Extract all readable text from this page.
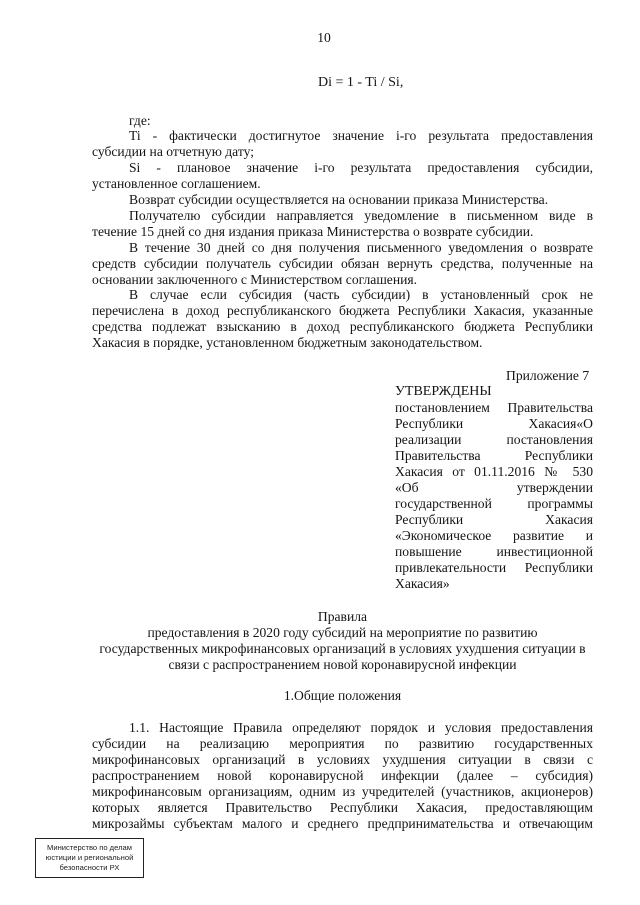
10

Di = 1 - Ti / Si,

где:

Ti - фактически достигнутое значение i-го результата предоставления

субсидии на отчетную дату;

Si - плановое значение i-го результата предоставления субсидии,

установленное соглашением.

Возврат субсидии осуществляется на основании приказа Министерства.

Получателю субсидии направляется уведомление в письменном виде в

течение 15 дней со дня издания приказа Министерства о возврате субсидии.

В течение 30 дней со дня получения письменного уведомления о возврате

средств субсидии получатель субсидии обязан вернуть средства, полученные на

основании заключенного с Министерством соглашения.

В случае если субсидия (часть субсидии) в установленный срок не

перечислена в доход республиканского бюджета Республики Хакасия, указанные

средства подлежат взысканию в доход республиканского бюджета Республики

Хакасия в порядке, установленном бюджетным законодательством.

Приложение 7

УТВЕРЖДЕНЫ

постановлением Правительства

Республики Хакасия«О

реализации постановления

Правительства Республики

Хакасия от 01.11.2016 № 530

«Об утверждении

государственной программы

Республики Хакасия

«Экономическое развитие и

повышение инвестиционной

привлекательности Республики

Хакасия»

Правила

предоставления в 2020 году субсидий на мероприятие по развитию

государственных микрофинансовых организаций в условиях ухудшения ситуации в

связи с распространением новой коронавирусной инфекции

1.Общие положения

1.1. Настоящие Правила определяют порядок и условия предоставления

субсидии на реализацию мероприятия по развитию государственных

микрофинансовых организаций в условиях ухудшения ситуации в связи с

распространением новой коронавирусной инфекции (далее – субсидия)

микрофинансовым организациям, одним из учредителей (участников, акционеров)

которых является Правительство Республики Хакасия, предоставляющим

микрозаймы субъектам малого и среднего предпринимательства и отвечающим

Министерство по делам
юстиции и региональной
безопасности РХ
